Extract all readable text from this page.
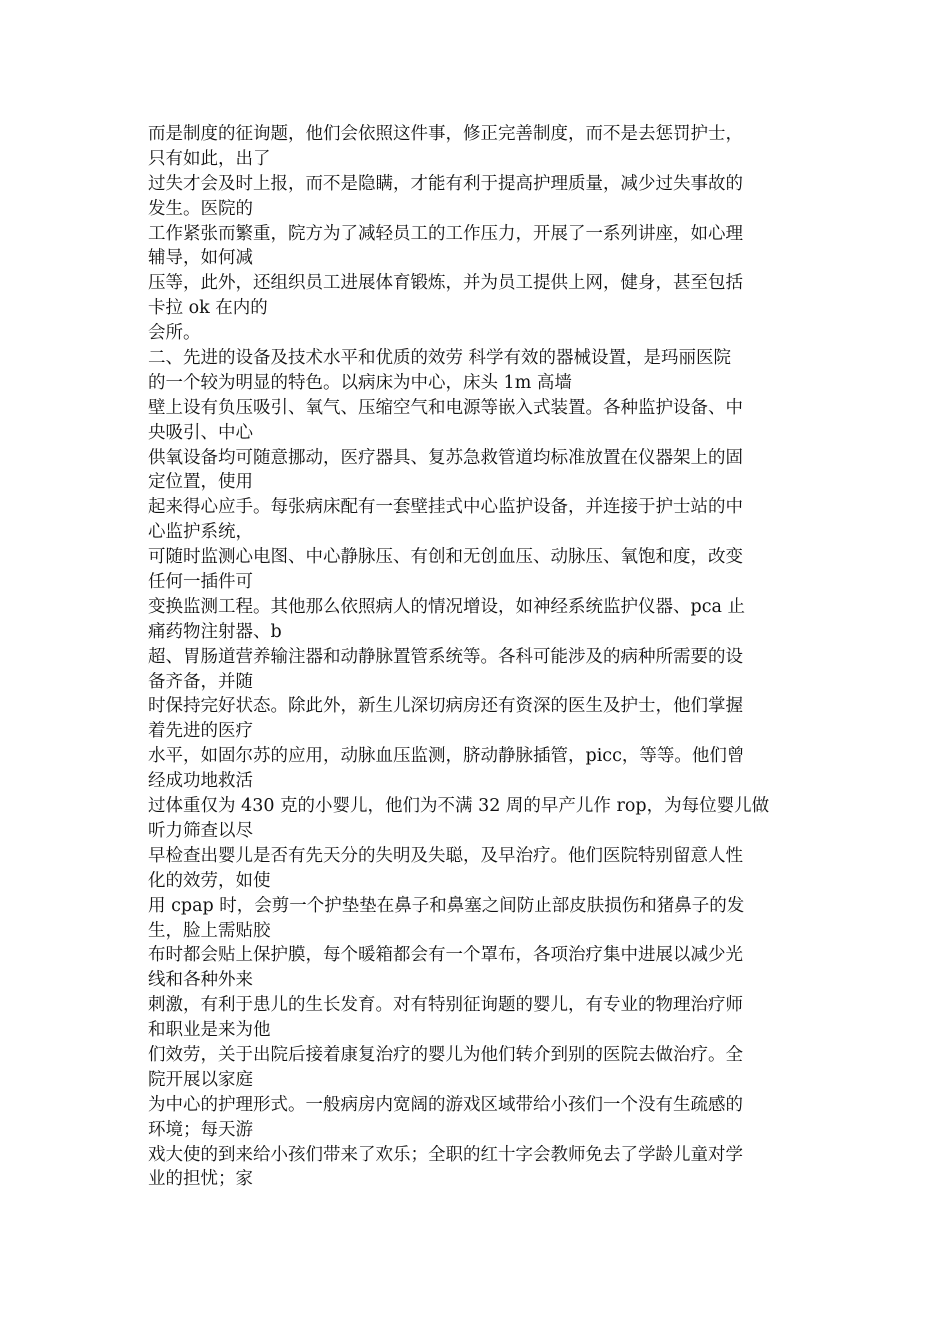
而是制度的征询题，他们会依照这件事，修正完善制度，而不是去惩罚护士，
只有如此，出了
过失才会及时上报，而不是隐瞒，才能有利于提高护理质量，减少过失事故的
发生。医院的
工作紧张而繁重，院方为了减轻员工的工作压力，开展了一系列讲座，如心理
辅导，如何减
压等，此外，还组织员工进展体育锻炼，并为员工提供上网，健身，甚至包括
卡拉 ok 在内的
会所。
二、先进的设备及技术水平和优质的效劳 科学有效的器械设置，是玛丽医院
的一个较为明显的特色。以病床为中心，床头 1m 高墙
壁上设有负压吸引、氧气、压缩空气和电源等嵌入式装置。各种监护设备、中
央吸引、中心
供氧设备均可随意挪动，医疗器具、复苏急救管道均标准放置在仪器架上的固
定位置，使用
起来得心应手。每张病床配有一套壁挂式中心监护设备，并连接于护士站的中
心监护系统，
可随时监测心电图、中心静脉压、有创和无创血压、动脉压、氧饱和度，改变
任何一插件可
变换监测工程。其他那么依照病人的情况增设，如神经系统监护仪器、pca 止
痛药物注射器、b
超、胃肠道营养输注器和动静脉置管系统等。各科可能涉及的病种所需要的设
备齐备，并随
时保持完好状态。除此外，新生儿深切病房还有资深的医生及护士，他们掌握
着先进的医疗
水平，如固尔苏的应用，动脉血压监测，脐动静脉插管，picc，等等。他们曾
经成功地救活
过体重仅为 430 克的小婴儿，他们为不满 32 周的早产儿作 rop，为每位婴儿做
听力筛查以尽
早检查出婴儿是否有先天分的失明及失聪，及早治疗。他们医院特别留意人性
化的效劳，如使
用 cpap 时，会剪一个护垫垫在鼻子和鼻塞之间防止部皮肤损伤和猪鼻子的发
生，脸上需贴胶
布时都会贴上保护膜，每个暖箱都会有一个罩布，各项治疗集中进展以减少光
线和各种外来
刺激，有利于患儿的生长发育。对有特别征询题的婴儿，有专业的物理治疗师
和职业是来为他
们效劳，关于出院后接着康复治疗的婴儿为他们转介到别的医院去做治疗。全
院开展以家庭
为中心的护理形式。一般病房内宽阔的游戏区域带给小孩们一个没有生疏感的
环境；每天游
戏大使的到来给小孩们带来了欢乐；全职的红十字会教师免去了学龄儿童对学
业的担忧；家
